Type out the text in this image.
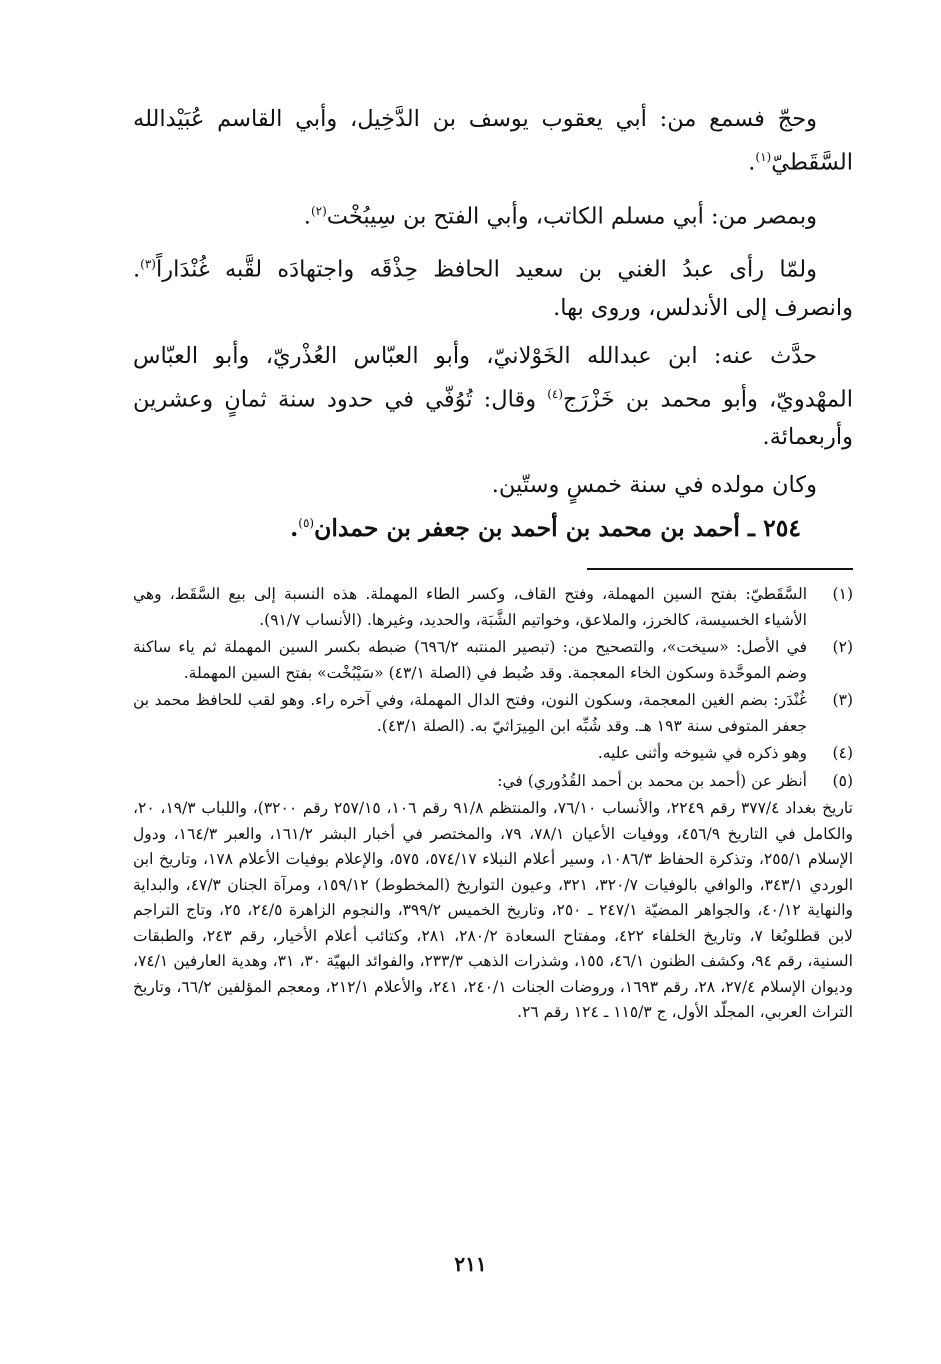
وحجّ فسمع من: أبي يعقوب يوسف بن الدَّخِيل، وأبي القاسم عُبَيْدالله السَّقَطيّ$^{(١)}$.

وبمصر من: أبي مسلم الكاتب، وأبي الفتح بن سِيبُخْت$^{(٢)}$.

ولمّا رأى عبدُ الغني بن سعيد الحافظ حِذْقَه واجتهادَه لقَّبه غُنْدَاراً$^{(٣)}$. وانصرف إلى الأندلس، وروى بها.

حدَّث عنه: ابن عبدالله الخَوْلانيّ، وأبو العبّاس العُذْريّ، وأبو العبّاس المهْدويّ، وأبو محمد بن خَزْرَج$^{(٤)}$ وقال: تُوُفّي في حدود سنة ثمانٍ وعشرين وأربعمائة.

وكان مولده في سنة خمسٍ وستّين.

٢٥٤ ـ أحمد بن محمد بن أحمد بن جعفر بن حمدان$^{(٥)}$.
(١)
السَّقَطيّ: بفتح السين المهملة، وفتح القاف، وكسر الطاء المهملة. هذه النسبة إلى بيع السَّقَط، وهي الأشياء الخسيسة، كالخرز، والملاعق، وخواتيم الشَّبَة، والحديد، وغيرها. (الأنساب ٩١/٧).
(٢)
في الأصل: «سيخت»، والتصحيح من: (تبصير المنتبه ٦٩٦/٢) ضبطه بكسر السين المهملة ثم ياء ساكنة وضم الموحَّدة وسكون الخاء المعجمة. وقد ضُبط في (الصلة ٤٣/١) «سَيْبُخْت» بفتح السين المهملة.
(٣)
غُنْدَر: بضم الغين المعجمة، وسكون النون، وفتح الدال المهملة، وفي آخره راء. وهو لقب للحافظ محمد بن جعفر المتوفى سنة ١٩٣ هـ. وقد شُبِّه ابن المِيرَاثيّ به. (الصلة ٤٣/١).
(٤)
وهو ذكره في شيوخه وأثنى عليه.
(٥)
أنظر عن (أحمد بن محمد بن أحمد القُدُوري) في:
تاريخ بغداد ٣٧٧/٤ رقم ٢٢٤٩، والأنساب ٧٦/١٠، والمنتظم ٩١/٨ رقم ١٠٦، ٢٥٧/١٥ رقم ٣٢٠٠)، واللباب ١٩/٣، ٢٠، والكامل في التاريخ ٤٥٦/٩، ووفيات الأعيان ٧٨/١، ٧٩، والمختصر في أخبار البشر ١٦١/٢، والعبر ١٦٤/٣، ودول الإسلام ٢٥٥/١، وتذكرة الحفاظ ١٠٨٦/٣، وسير أعلام النبلاء ٥٧٤/١٧، ٥٧٥، والإعلام بوفيات الأعلام ١٧٨، وتاريخ ابن الوردي ٣٤٣/١، والوافي بالوفيات ٣٢٠/٧، ٣٢١، وعيون التواريخ (المخطوط) ١٥٩/١٢، ومرآة الجنان ٤٧/٣، والبداية والنهاية ٤٠/١٢، والجواهر المضيّة ٢٤٧/١ ـ ٢٥٠، وتاريخ الخميس ٣٩٩/٢، والنجوم الزاهرة ٢٤/٥، ٢٥، وتاج التراجم لابن قطلوبُغا ٧، وتاريخ الخلفاء ٤٢٢، ومفتاح السعادة ٢٨٠/٢، ٢٨١، وكتائب أعلام الأخيار، رقم ٢٤٣، والطبقات السنية، رقم ٩٤، وكشف الظنون ٤٦/١، ١٥٥، وشذرات الذهب ٢٣٣/٣، والفوائد البهيّة ٣٠، ٣١، وهدية العارفين ٧٤/١، وديوان الإسلام ٢٧/٤، ٢٨، رقم ١٦٩٣، وروضات الجنات ٢٤٠/١، ٢٤١، والأعلام ٢١٢/١، ومعجم المؤلفين ٦٦/٢، وتاريخ التراث العربي، المجلّد الأول، ج ١١٥/٣ ـ ١٢٤ رقم ٢٦.
٢١١
